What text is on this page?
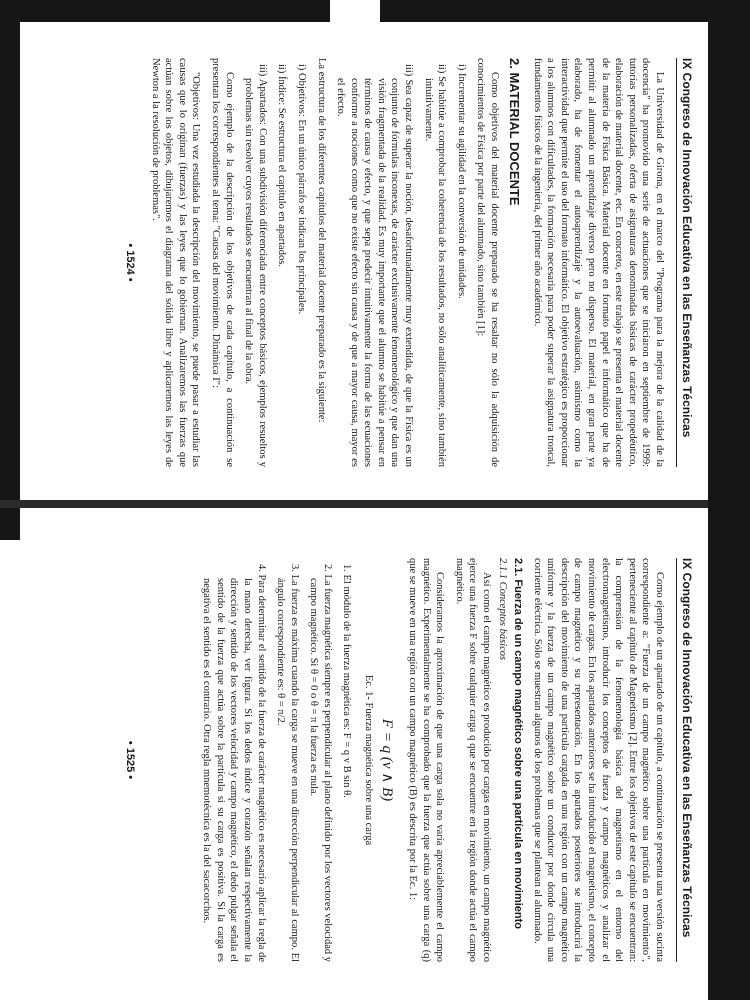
IX Congreso de Innovación Educativa en las Enseñanzas Técnicas

La Universidad de Girona, en el marco del "Programa para la mejora de la calidad de la docencia" ha promovido una serie de actuaciones que se iniciaron en septiembre de 1999: tutorías personalizadas, oferta de asignaturas denominadas básicas de carácter propedéutico, elaboración de material docente, etc. En concreto, en este trabajo se presenta el material docente de la materia de Física Básica. Material docente en formato papel e informático que ha de permitir al alumnado un aprendizaje diverso pero no disperso. El material, en gran parte ya elaborado, ha de fomentar el autoaprendizaje y la autoevaluación, asimismo como la interactividad que permite el uso del formato informático. El objetivo estratégico es proporcionar a los alumnos con dificultades, la formación necesaria para poder superar la asignatura troncal, fundamentos físicos de la ingeniería, del primer año académico.

2. MATERIAL DOCENTE

Como objetivos del material docente preparado se ha resaltar no sólo la adquisición de conocimientos de Física por parte del alumnado, sino también [1]:

i) Incrementar su agilidad en la conversión de unidades.
ii) Se habitúe a comprobar la coherencia de los resultados, no sólo analíticamente, sino también intuitivamente.
iii) Sea capaz de superar la noción, desafortunadamente muy extendida, de que la Física es un conjunto de fórmulas inconexas, de carácter exclusivamente fenomenológico y que dan una visión fragmentada de la realidad. Es muy importante que el alumno se habitúe a pensar en términos de causa y efecto, y que sepa predecir intuitivamente la forma de las ecuaciones conforme a nociones como que no existe efecto sin causa y de que a mayor causa, mayor es el efecto.

La estructura de los diferentes capítulos del material docente preparado es la siguiente:

i) Objetivos: En un único párrafo se indican los principales.
ii) Índice: Se estructura el capítulo en apartados.
iii) Apartados: Con una subdivisión diferenciada entre conceptos básicos, ejemplos resueltos y problemas sin resolver cuyos resultados se encuentran al final de la obra.

Como ejemplo de la descripción de los objetivos de cada capítulo, a continuación se presentan los correspondientes al tema: "Causas del movimiento. Dinámica I":

"Objetivos: Una vez estudiada la descripción del movimiento, se puede pasar a estudiar las causas que lo originan (fuerzas) y las leyes que lo gobiernan. Analizaremos las fuerzas que actúan sobre los objetos, dibujaremos el diagrama del sólido libre y aplicaremos las leyes de Newton a la resolución de problemas".

• 1524 •
IX Congreso de Innovación Educativa en las Enseñanzas Técnicas

Como ejemplo de un apartado de un capítulo, a continuación se presenta una versión sucinta correspondiente a: "Fuerza de un campo magnético sobre una partícula en movimiento", perteneciente al capítulo de Magnetismo [2]. Entre los objetivos de este capítulo se encuentran: la comprensión de la fenomenología básica del magnetismo en el entorno del electromagnetismo, introducir los conceptos de fuerza y campo magnéticos y analizar el movimiento de cargas. En los apartados anteriores se ha introducido el magnetismo, el concepto de campo magnético y su representación. En los apartados posteriores se introducirá la descripción del movimiento de una partícula cargada en una región con un campo magnético uniforme y la fuerza de un campo magnético sobre un conductor por donde circula una corriente eléctrica. Sólo se muestran algunos de los problemas que se plantean al alumnado.

2.1. Fuerza de un campo magnético sobre una partícula en movimiento
2.1.1 Conceptos básicos

Así como el campo magnético es producido por cargas en movimiento, un campo magnético ejerce una fuerza F sobre cualquier carga q que se encuentre en la región donde actúa el campo magnético.

Consideramos la aproximación de que una carga sola no varía apreciablemente el campo magnético. Experimentalmente se ha comprobado que la fuerza que actúa sobre una carga (q) que se mueve en una región con un campo magnético (B) es descrita por la Ec. 1:

F = q (v ∧ B)
Ec. 1- Fuerza magnética sobre una carga
1. El módulo de la fuerza magnética es: F = q v B sin θ.
2. La fuerza magnética siempre es perpendicular al plano definido por los vectores velocidad y campo magnético. Si θ = 0 o θ = π la fuerza es nula.
3. La fuerza es máxima cuando la carga se mueve en una dirección perpendicular al campo. El ángulo correspondiente es: θ = π/2.
4. Para determinar el sentido de la fuerza de carácter magnético es necesario aplicar la regla de la mano derecha, ver figura. Si los dedos índice y corazón señalan respectivamente la dirección y sentido de los vectores velocidad y campo magnético, el dedo pulgar señala el sentido de la fuerza que actúa sobre la partícula si su carga es positiva. Si la carga es negativa el sentido es el contrario. Otra regla mnemotécnica es la del sacacorchos.
• 1525 •
